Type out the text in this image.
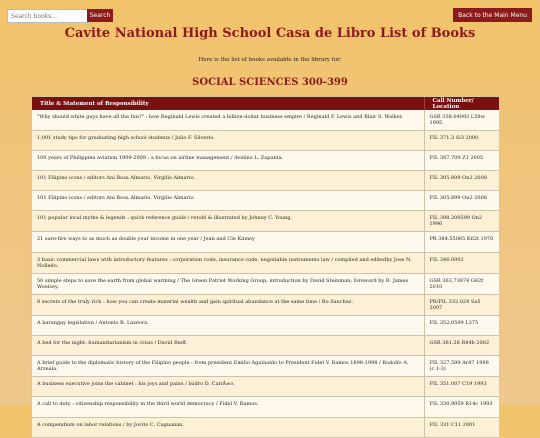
Search books...
Search	Back to the Main Menu
Cavite National High School Casa de Libro List of Books

Here is the list of books available in the library for:

SOCIAL SCIENCES 300-399
Title & Statement of Responsibility	Call Number/ Location
"Why should white guys have all the fun?" : how Reginald Lewis created a billion-dollar business empire / Reginald F. Lewis and Blair S. Walker.	GSR 338.04092 L58w 1995
1,001 study tips for graduating high school students / Julio F. Silverio.	FIL 371.3 Si3 2000
100 years of Philippine aviation 1909-2009 : a focus on airline management / Avelino L. Zapanta.	FIL 387.709 Z1 2005
101 Filipino icons / editors Ani Rosa Almario, Virgilio Almario.	FIL 305.899 On2 2008
101 Filipino icons / editors Ani Rosa Almario, Virgilio Almario.	FIL 305.899 On2 2008
101 popular local myths & legends : quick reference guide / retold & illustrated by Johnny C. Young.	FIL 398.209599 On2 1996
21 sure-fire ways to as much as double your income in one year / Jean and Cle Kinney	PR 384.55065 K62t 1970
3 basic commercial laws with introductory features : corporation code, insurance code, negotiable instruments law / compiled and editedby Jose N. Nolledo.	FIL 346.0902
50 simple steps to save the earth from global warming / The Green Patriot Working Group; introduction by David Steinman; foreword by R. James Woolsey.	GSR 363.73874 G82f 2010
8 secrets of the truly rich : how you can create material wealth and gain spiritual abundance at the same time / Bo Sanchez.	PR/FIL 332.024 Sa5 2007
A barangay legislation / Antonio R. Lazeora.	FIL 352.0599 L375
A bed for the night: humanitarianism in crisis / David Rieff.	GSR 361.26 R44b 2002
A brief guide to the diplomatic history of the Filipino people : from president Emilio Aguinaldo to President Fidel V. Ramos 1898-1998 / Rodolfo A. Arzeala.	FIL 327.599 Ar47 1998 (c.1-3)
A business executive joins the cabinet : his joys and pains / Isidro D. CariÃ±o.	FIL 351.007 C19 1993
A call to duty : citizenship responsibility in the third world democracy / Fidel V. Ramos.	FIL 330.9959 R14c 1993
A compendium on labor relations / by Jovito C. Caguanan.	FIL 331 C11 2001
